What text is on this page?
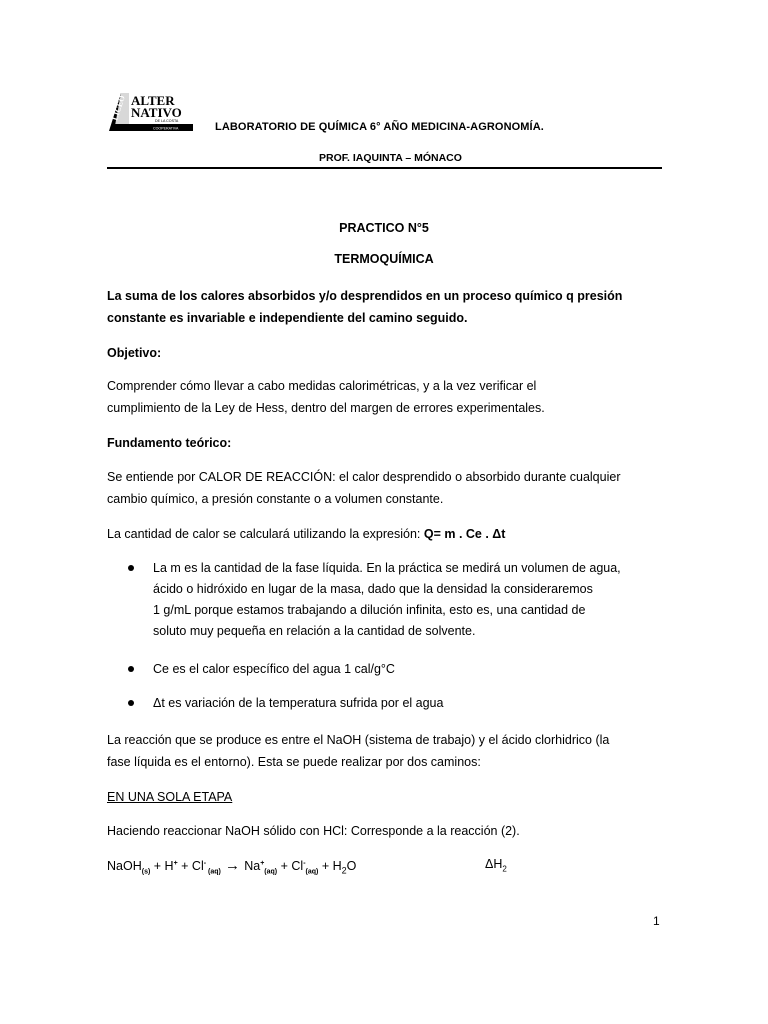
LICEO ALTER
NATIVO
DE LA COSTA
COOPERATIVA	LABORATORIO DE QUÍMICA 6° AÑO MEDICINA-AGRONOMÍA.
PROF. IAQUINTA – MÓNACO
PRACTICO N°5
TERMOQUÍMICA
La suma de los calores absorbidos y/o desprendidos en un proceso químico q presión
constante es invariable e independiente del camino seguido.
Objetivo:
Comprender cómo llevar a cabo medidas calorimétricas, y a la vez verificar el
cumplimiento de la Ley de Hess, dentro del margen de errores experimentales.
Fundamento teórico:
Se entiende por CALOR DE REACCIÓN: el calor desprendido o absorbido durante cualquier
cambio químico, a presión constante o a volumen constante.
La cantidad de calor se calculará utilizando la expresión: Q= m . Ce . Δt
La m es la cantidad de la fase líquida. En la práctica se medirá un volumen de agua,
ácido o hidróxido en lugar de la masa, dado que la densidad la consideraremos
1 g/mL porque estamos trabajando a dilución infinita, esto es, una cantidad de
soluto muy pequeña en relación a la cantidad de solvente.
Ce es el calor específico del agua 1 cal/g°C
Δt es variación de la temperatura sufrida por el agua
La reacción que se produce es entre el NaOH (sistema de trabajo) y el ácido clorhidrico (la
fase líquida es el entorno). Esta se puede realizar por dos caminos:
EN UNA SOLA ETAPA
Haciendo reaccionar NaOH sólido con HCl: Corresponde a la reacción (2).
NaOH$_{(s)}$ + H+ + Cl- $_{(aq)} \to Na^+_{(aq)} + Cl^-_{(aq)} + H_2O$	$\Delta H_2$
1
